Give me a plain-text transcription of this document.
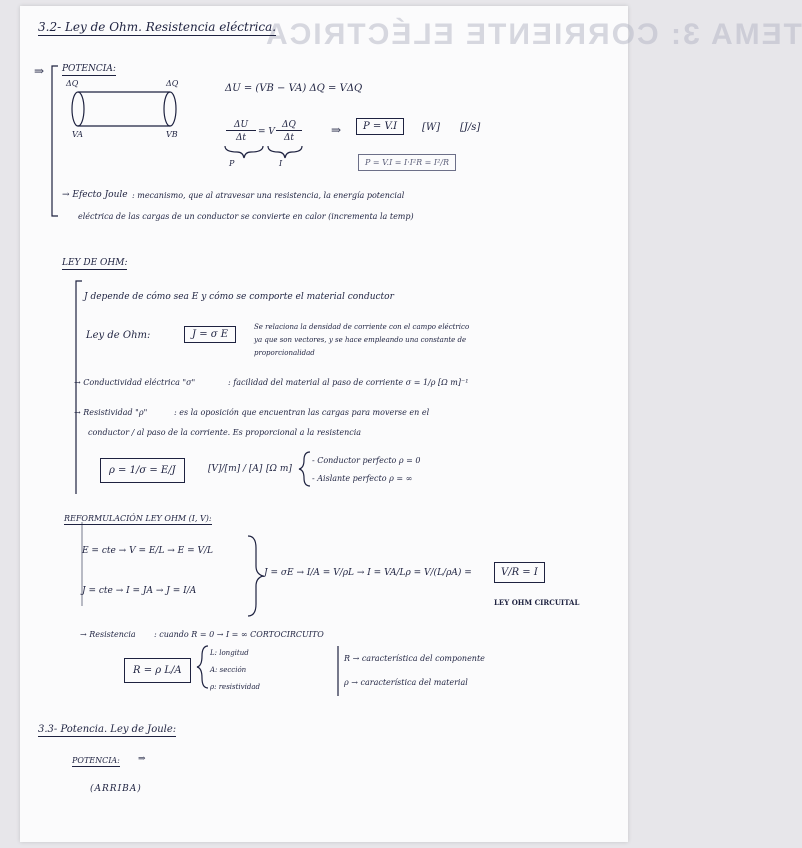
TEMA 3: CORRIENTE ELÉCTRICA
3.2- Ley de Ohm. Resistencia eléctrica.
⇒ POTENCIA:
ΔQ	ΔQ
VA	VB
ΔU = (VB − VA) ΔQ = VΔQ
ΔU
Δt
= V
ΔQ
Δt
P	I
⇒	P = V.I	[W] [J/s]
P = V.I = I·I²R = I²/R
→ Efecto Joule : mecanismo, que al atravesar una resistencia, la energía potencial
eléctrica de las cargas de un conductor se convierte en calor (incrementa la temp)
LEY DE OHM:
J depende de cómo sea E y cómo se comporte el material conductor
Ley de Ohm:	J = σ E
Se relaciona la densidad de corriente con el campo eléctrico
ya que son vectores, y se hace empleando una constante de
proporcionalidad
→ Conductividad eléctrica "σ"	: facilidad del material al paso de corriente σ = 1/ρ [Ω m]⁻¹
→ Resistividad "ρ"	: es la oposición que encuentran las cargas para moverse en el
conductor / al paso de la corriente. Es proporcional a la resistencia
ρ = 1/σ = E/J	[V]/[m] / [A] [Ω m]
- Conductor perfecto ρ = 0
- Aislante perfecto ρ = ∞
REFORMULACIÓN LEY OHM (I, V):
E = cte → V = E/L → E = V/L
J = cte → I = JA → J = I/A
J = σE → I/A = V/ρL → I = VA/Lρ = V/(L/ρA) =	V/R = I
LEY OHM CIRCUITAL
→ Resistencia : cuando R = 0 → I = ∞ CORTOCIRCUITO
R = ρ L/A
L: longitud
A: sección
ρ: resistividad
R → característica del componente
ρ → característica del material
3.3- Potencia. Ley de Joule:
POTENCIA: ⇒
(ARRIBA)
